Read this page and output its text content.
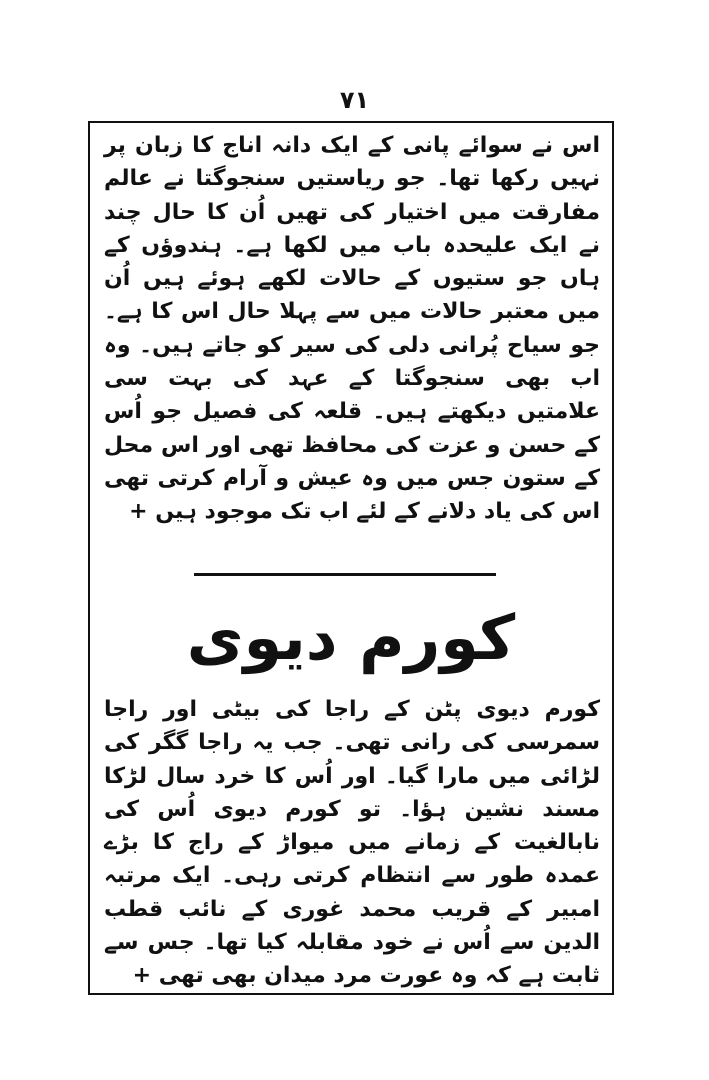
۷۱

اس نے سوائے پانی کے ایک دانہ اناج کا زبان پر نہیں رکھا تھا۔ جو ریاستیں سنجوگتا نے عالم مفارقت میں اختیار کی تھیں اُن کا حال چند نے ایک علیحدہ باب میں لکھا ہے۔ ہندوؤں کے ہاں جو ستیوں کے حالات لکھے ہوئے ہیں اُن میں معتبر حالات میں سے پہلا حال اس کا ہے۔ جو سیاح پُرانی دلی کی سیر کو جاتے ہیں۔ وہ اب بھی سنجوگتا کے عہد کی بہت سی علامتیں دیکھتے ہیں۔ قلعہ کی فصیل جو اُس کے حسن و عزت کی محافظ تھی اور اس محل کے ستون جس میں وہ عیش و آرام کرتی تھی اس کی یاد دلانے کے لئے اب تک موجود ہیں +

کورم دیوی

کورم دیوی پٹن کے راجا کی بیٹی اور راجا سمرسی کی رانی تھی۔ جب یہ راجا گگر کی لڑائی میں مارا گیا۔ اور اُس کا خرد سال لڑکا مسند نشین ہؤا۔ تو کورم دیوی اُس کی نابالغیت کے زمانے میں میواڑ کے راج کا بڑے عمدہ طور سے انتظام کرتی رہی۔ ایک مرتبہ امبیر کے قریب محمد غوری کے نائب قطب الدین سے اُس نے خود مقابلہ کیا تھا۔ جس سے ثابت ہے کہ وہ عورت مرد میدان بھی تھی +
